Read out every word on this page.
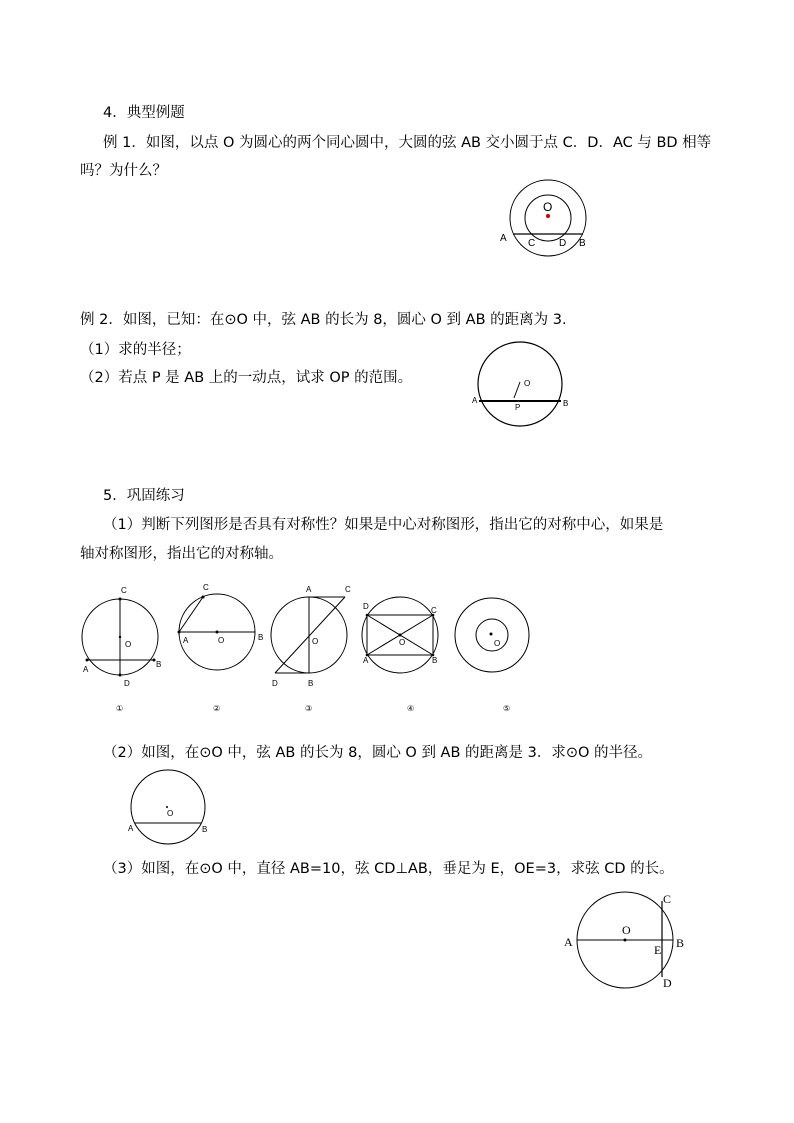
4．典型例题
例 1．如图，以点 O 为圆心的两个同心圆中，大圆的弦 AB 交小圆于点 C．D．AC 与 BD 相等
吗？为什么？
O
A C D B
例 2．如图，已知：在⊙O 中，弦 AB 的长为 8，圆心 O 到 AB 的距离为 3.
（1）求的半径；
（2）若点 P 是 AB 上的一动点，试求 OP 的范围。	O
A	B
P
5．巩固练习
（1）判断下列图形是否具有对称性？如果是中心对称图形，指出它的对称中心，如果是
轴对称图形，指出它的对称轴。
C
O
A
B
D
①
C
A	O	B
②
A	C
O
D	B
③
D	C
O
A	B
④
O
⑤
（2）如图，在⊙O 中，弦 AB 的长为 8，圆心 O 到 AB 的距离是 3．求⊙O 的半径。
O
A	B
（3）如图，在⊙O 中，直径 AB=10，弦 CD⊥AB，垂足为 E，OE=3，求弦 CD 的长。
C
O
A
E B
D
